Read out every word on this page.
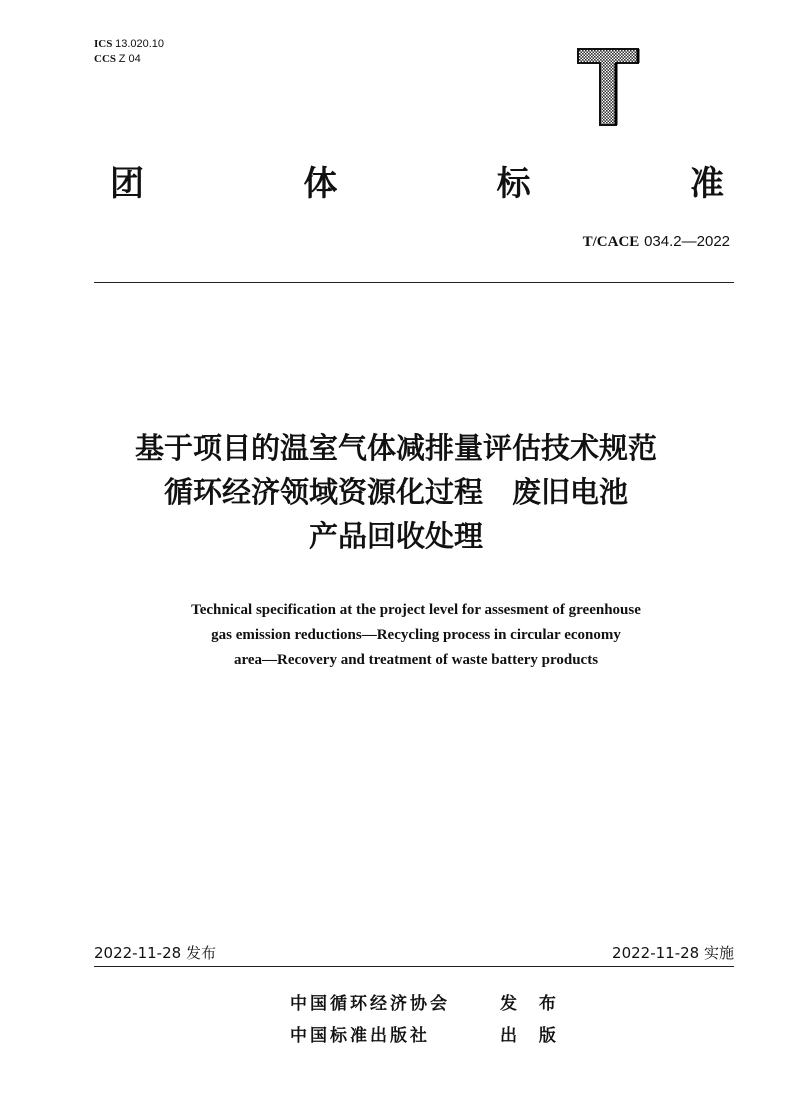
ICS 13.020.10
CCS Z 04
团	体	标	准
T/CACE 034.2—2022
基于项目的温室气体减排量评估技术规范
循环经济领域资源化过程　废旧电池
产品回收处理
Technical specification at the project level for assesment of greenhouse
gas emission reductions—Recycling process in circular economy
area—Recovery and treatment of waste battery products
2022-11-28 发布	2022-11-28 实施
中国循环经济协会	发 布
中国标准出版社	出 版
